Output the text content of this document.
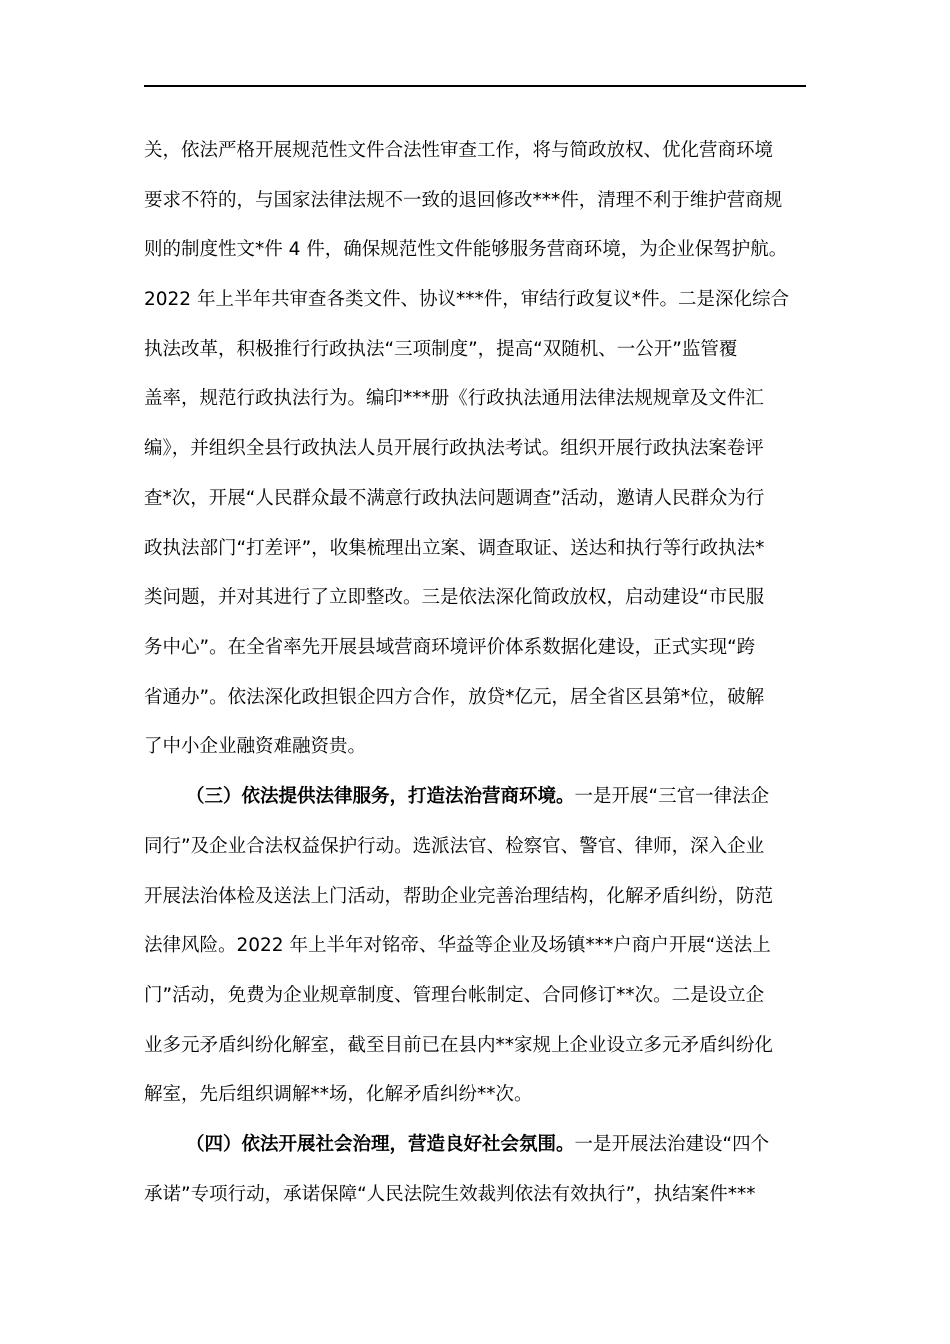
关，依法严格开展规范性文件合法性审查工作，将与简政放权、优化营商环境
要求不符的，与国家法律法规不一致的退回修改***件，清理不利于维护营商规
则的制度性文*件 4 件，确保规范性文件能够服务营商环境，为企业保驾护航。
2022 年上半年共审查各类文件、协议***件，审结行政复议*件。二是深化综合
执法改革，积极推行行政执法“三项制度”，提高“双随机、一公开”监管覆
盖率，规范行政执法行为。编印***册《行政执法通用法律法规规章及文件汇
编》，并组织全县行政执法人员开展行政执法考试。组织开展行政执法案卷评
查*次，开展“人民群众最不满意行政执法问题调查”活动，邀请人民群众为行
政执法部门“打差评”，收集梳理出立案、调查取证、送达和执行等行政执法*
类问题，并对其进行了立即整改。三是依法深化简政放权，启动建设“市民服
务中心”。在全省率先开展县域营商环境评价体系数据化建设，正式实现“跨
省通办”。依法深化政担银企四方合作，放贷*亿元，居全省区县第*位，破解
了中小企业融资难融资贵。
（三）依法提供法律服务，打造法治营商环境。一是开展“三官一律法企
同行”及企业合法权益保护行动。选派法官、检察官、警官、律师，深入企业
开展法治体检及送法上门活动，帮助企业完善治理结构，化解矛盾纠纷，防范
法律风险。2022 年上半年对铭帝、华益等企业及场镇***户商户开展“送法上
门”活动，免费为企业规章制度、管理台帐制定、合同修订**次。二是设立企
业多元矛盾纠纷化解室，截至目前已在县内**家规上企业设立多元矛盾纠纷化
解室，先后组织调解**场，化解矛盾纠纷**次。
（四）依法开展社会治理，营造良好社会氛围。一是开展法治建设“四个
承诺”专项行动，承诺保障“人民法院生效裁判依法有效执行”，执结案件***
